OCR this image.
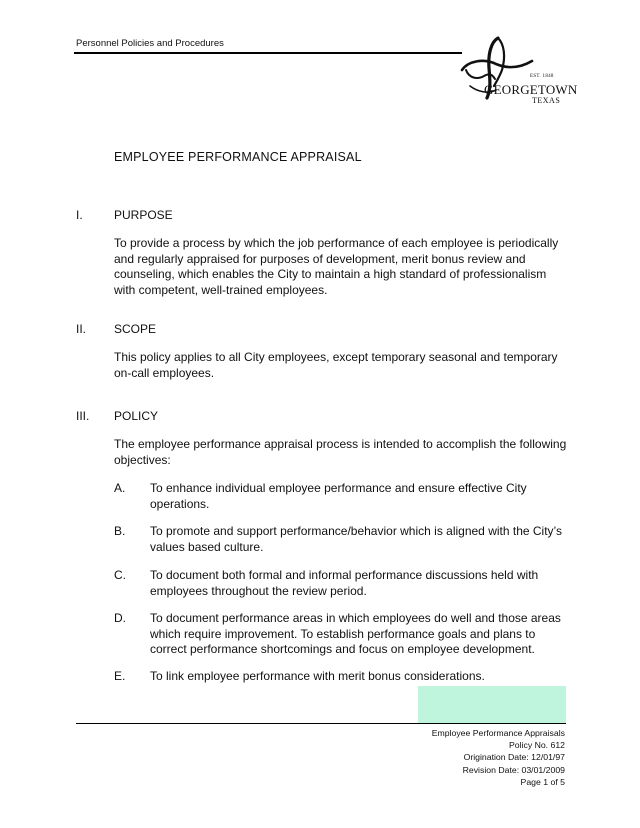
Personnel Policies and Procedures
EST. 1848
GEORGETOWN
TEXAS
EMPLOYEE PERFORMANCE APPRAISAL
I.	PURPOSE
To provide a process by which the job performance of each employee is periodically and regularly appraised for purposes of development, merit bonus review and counseling, which enables the City to maintain a high standard of professionalism with competent, well-trained employees.
II. SCOPE
This policy applies to all City employees, except temporary seasonal and temporary on-call employees.
III. POLICY
The employee performance appraisal process is intended to accomplish the following objectives:
A. To enhance individual employee performance and ensure effective City operations.
B. To promote and support performance/behavior which is aligned with the City’s values based culture.
C. To document both formal and informal performance discussions held with employees throughout the review period.
D. To document performance areas in which employees do well and those areas which require improvement. To establish performance goals and plans to correct performance shortcomings and focus on employee development.
E. To link employee performance with merit bonus considerations.
Employee Performance Appraisals
Policy No. 612
Origination Date: 12/01/97
Revision Date: 03/01/2009
Page 1 of 5
